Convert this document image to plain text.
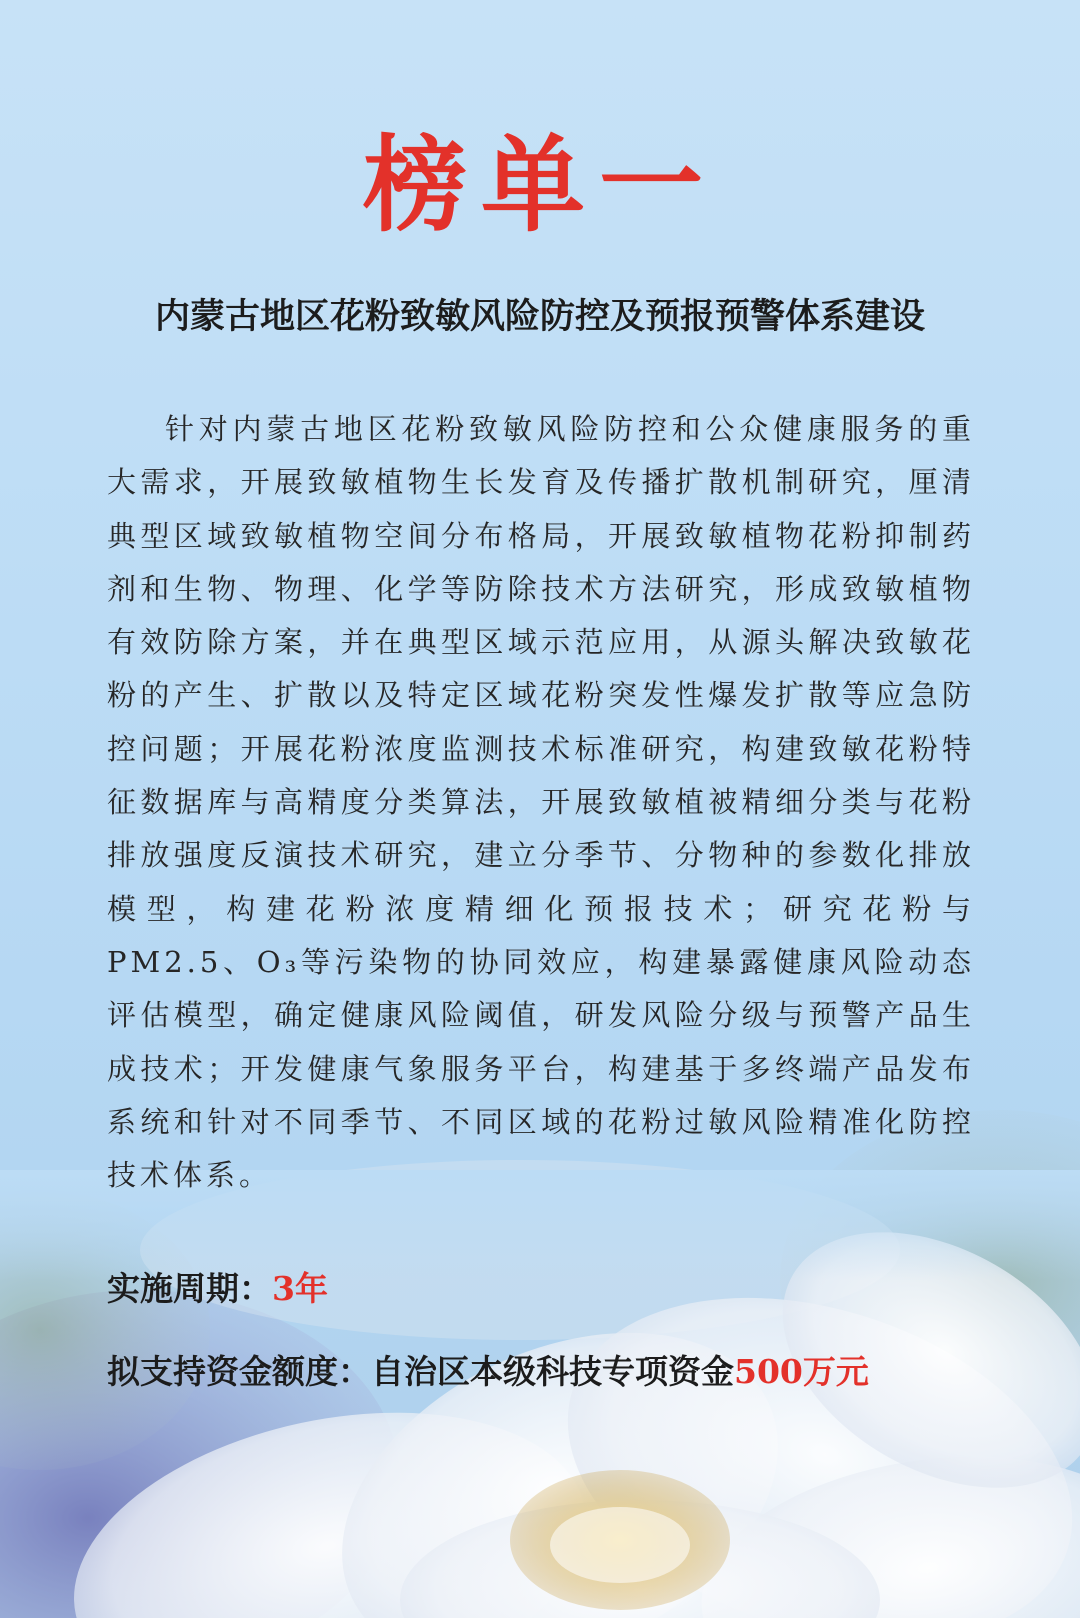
榜单一
内蒙古地区花粉致敏风险防控及预报预警体系建设

针对内蒙古地区花粉致敏风险防控和公众健康服务的重大需求，开展致敏植物生长发育及传播扩散机制研究，厘清典型区域致敏植物空间分布格局，开展致敏植物花粉抑制药剂和生物、物理、化学等防除技术方法研究，形成致敏植物有效防除方案，并在典型区域示范应用，从源头解决致敏花粉的产生、扩散以及特定区域花粉突发性爆发扩散等应急防控问题；开展花粉浓度监测技术标准研究，构建致敏花粉特征数据库与高精度分类算法，开展致敏植被精细分类与花粉排放强度反演技术研究，建立分季节、分物种的参数化排放模型，构建花粉浓度精细化预报技术；研究花粉与PM2.5、O₃等污染物的协同效应，构建暴露健康风险动态评估模型，确定健康风险阈值，研发风险分级与预警产品生成技术；开发健康气象服务平台，构建基于多终端产品发布系统和针对不同季节、不同区域的花粉过敏风险精准化防控技术体系。

实施周期：3年

拟支持资金额度：自治区本级科技专项资金500万元
